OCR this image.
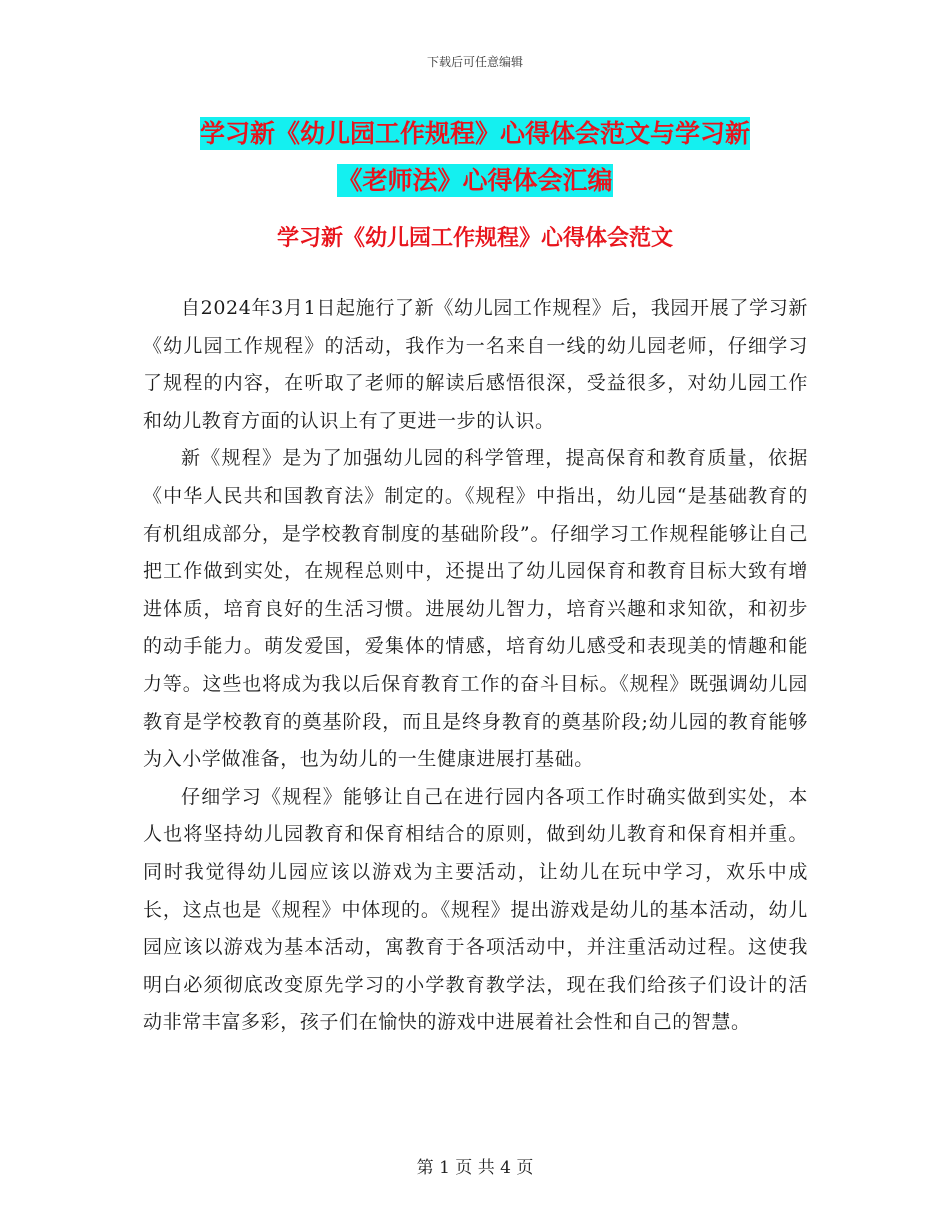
下载后可任意编辑
学习新《幼儿园工作规程》心得体会范文与学习新
《老师法》心得体会汇编
学习新《幼儿园工作规程》心得体会范文

自2024年3月1日起施行了新《幼儿园工作规程》后，我园开展了学习新《幼儿园工作规程》的活动，我作为一名来自一线的幼儿园老师，仔细学习了规程的内容，在听取了老师的解读后感悟很深，受益很多，对幼儿园工作和幼儿教育方面的认识上有了更进一步的认识。

新《规程》是为了加强幼儿园的科学管理，提高保育和教育质量，依据《中华人民共和国教育法》制定的。《规程》中指出，幼儿园“是基础教育的有机组成部分，是学校教育制度的基础阶段”。仔细学习工作规程能够让自己把工作做到实处，在规程总则中，还提出了幼儿园保育和教育目标大致有增进体质，培育良好的生活习惯。进展幼儿智力，培育兴趣和求知欲，和初步的动手能力。萌发爱国，爱集体的情感，培育幼儿感受和表现美的情趣和能力等。这些也将成为我以后保育教育工作的奋斗目标。《规程》既强调幼儿园教育是学校教育的奠基阶段，而且是终身教育的奠基阶段;幼儿园的教育能够为入小学做准备，也为幼儿的一生健康进展打基础。

仔细学习《规程》能够让自己在进行园内各项工作时确实做到实处，本人也将坚持幼儿园教育和保育相结合的原则，做到幼儿教育和保育相并重。同时我觉得幼儿园应该以游戏为主要活动，让幼儿在玩中学习，欢乐中成长，这点也是《规程》中体现的。《规程》提出游戏是幼儿的基本活动，幼儿园应该以游戏为基本活动，寓教育于各项活动中，并注重活动过程。这使我明白必须彻底改变原先学习的小学教育教学法，现在我们给孩子们设计的活动非常丰富多彩，孩子们在愉快的游戏中进展着社会性和自己的智慧。

第 1 页 共 4 页
